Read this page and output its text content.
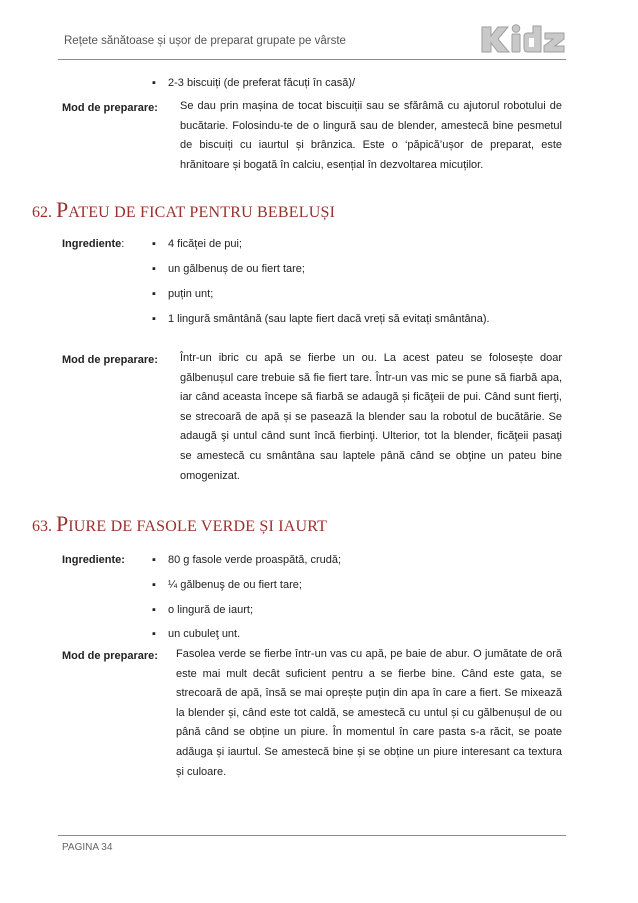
Rețete sănătoase și ușor de preparat grupate pe vârste
Kidz
▪ 2-3 biscuiți (de preferat făcuți în casă)/
Mod de preparare: Se dau prin mașina de tocat biscuiții sau se sfărâmă cu ajutorul robotului de bucătarie. Folosindu-te de o lingură sau de blender, amestecă bine pesmetul de biscuiți cu iaurtul și brânzica. Este o ‘păpică’ușor de preparat, este hrănitoare și bogată în calciu, esențial în dezvoltarea micuților.
62. PATEU DE FICAT PENTRU BEBELUȘI
Ingrediente:	▪ 4 ficăței de pui;
▪ un gălbenuș de ou fiert tare;
▪ puțin unt;
▪ 1 lingură smântână (sau lapte fiert dacă vreți să evitați smântâna).
Mod de preparare: Într-un ibric cu apă se fierbe un ou. La acest pateu se folosește doar gălbenușul care trebuie să fie fiert tare. Într-un vas mic se pune să fiarbă apa, iar când aceasta începe să fiarbă se adaugă și ficăţeii de pui. Când sunt fierţi, se strecoară de apă și se pasează la blender sau la robotul de bucătărie. Se adaugă şi untul când sunt încă fierbinţi. Ulterior, tot la blender, ficăţeii pasaţi se amestecă cu smântâna sau laptele până când se obţine un pateu bine omogenizat.
63. PIURE DE FASOLE VERDE ȘI IAURT
Ingrediente: ▪ 80 g fasole verde proaspătă, crudă;
▪ ¼ gălbenuş de ou fiert tare;
▪ o lingură de iaurt;
▪ un cubuleţ unt.
Mod de preparare: Fasolea verde se fierbe într-un vas cu apă, pe baie de abur. O jumătate de oră este mai mult decât suficient pentru a se fierbe bine. Când este gata, se strecoară de apă, însă se mai oprește puțin din apa în care a fiert. Se mixează la blender și, când este tot caldă, se amestecă cu untul și cu gălbenușul de ou până când se obține un piure. În momentul în care pasta s-a răcit, se poate adăuga și iaurtul. Se amestecă bine și se obține un piure interesant ca textura și culoare.
PAGINA 34
